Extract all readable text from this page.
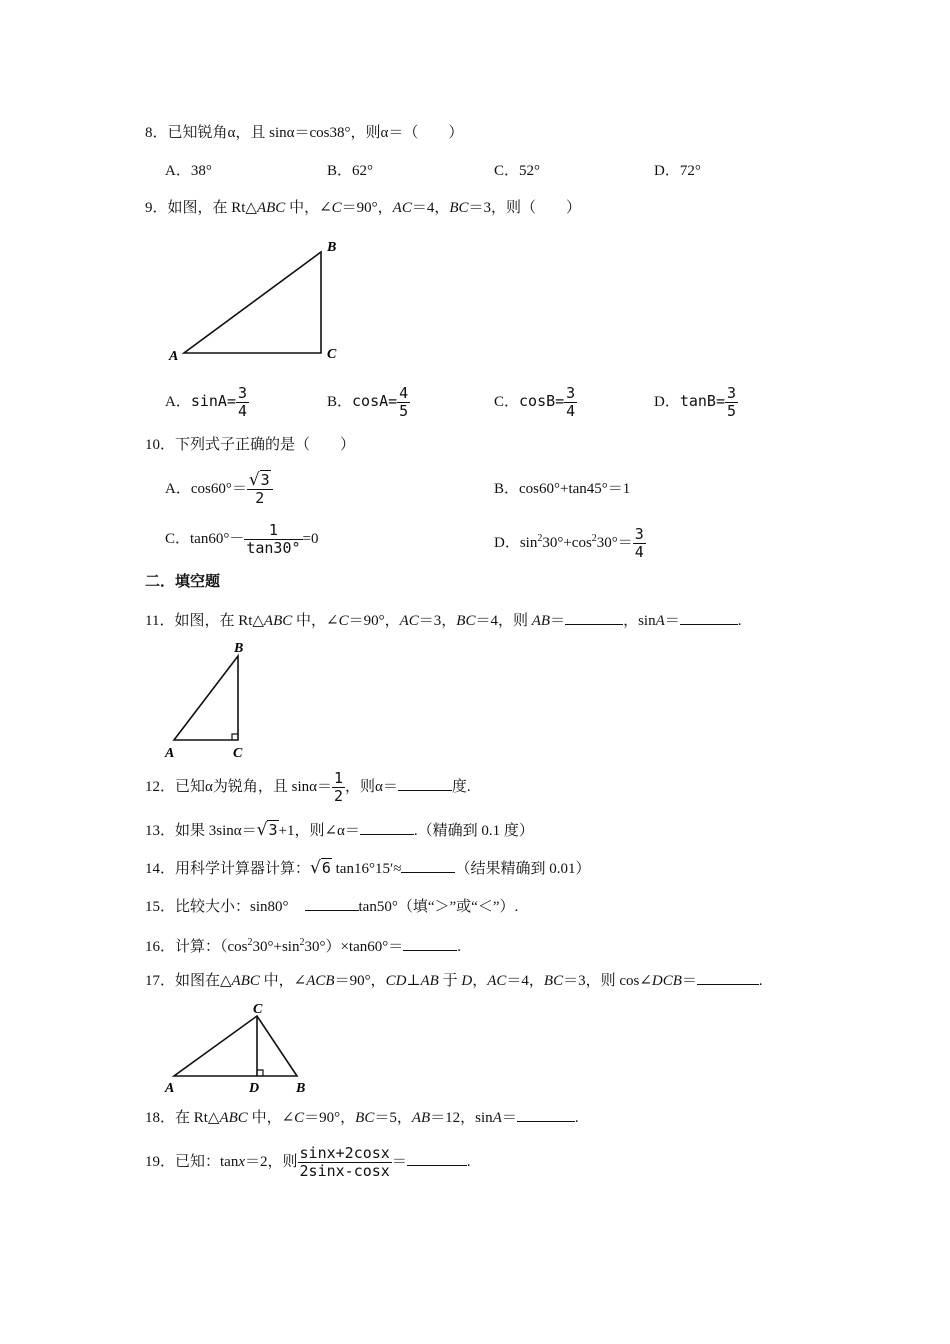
8．已知锐角α，且 sinα＝cos38°，则α＝（　　）
A．38°	B．62°	C．52°	D．72°
9．如图，在 Rt△ABC 中，∠C＝90°，AC＝4，BC＝3，则（　　）
A
B
C
A．$\sin A= \frac{3}{4}$	B．$\cos A= \frac{4}{5}$	C．$\cos B= \frac{3}{4}$	D．$\tan B= \frac{3}{5}$
10．下列式子正确的是（　　）
A．$\cos 60^\circ= \frac{√3}{2}$	B．cos60°+tan45°＝1
C．$\tan 60^\circ- \frac{1}{\tan 30^\circ} =0$	D．$\sin^230^\circ+\cos^230^\circ= \frac{3}{4}$
二．填空题
11．如图，在 Rt△ABC 中，∠C＝90°，AC＝3，BC＝4，则 AB＝	，sinA＝	.
A
B
C
12．已知α为锐角，且 $\sin\alpha= \frac{1}{2}$ ，则α＝	度.
13．如果 3sinα＝√3+1，则∠α＝	.（精确到 0.1 度）
14．用科学计算器计算：√6 tan16°15′≈	（结果精确到 0.01）
15．比较大小：sin80°	tan50°（填“＞”或“＜”）.
16．计算：$(\cos^230^\circ+\sin^230^\circ)\times\tan 60^\circ=$	.
17．如图在△ABC 中，∠ACB＝90°，CD⊥AB 于 D，AC＝4，BC＝3，则 cos∠DCB＝	.
A	B
C
D
18．在 Rt△ABC 中，∠C＝90°，BC＝5，AB＝12，sinA＝	.
19．已知：tanx＝2，则 $\frac{\sin x+2\cos x}{2\sin x-\cos x}$ ＝	.
